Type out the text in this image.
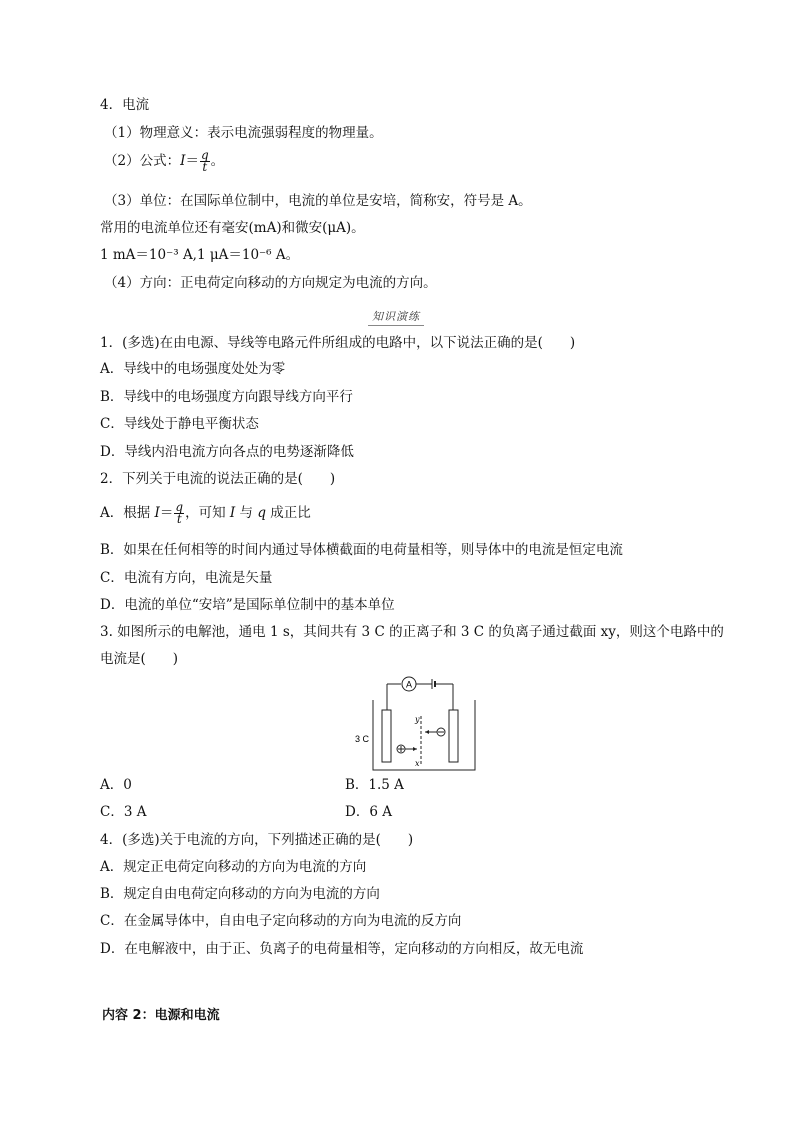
4．电流
（1）物理意义：表示电流强弱程度的物理量。
（2）公式：$I= \frac{q}{t}$ 。
（3）单位：在国际单位制中，电流的单位是安培，简称安，符号是 A。
常用的电流单位还有毫安(mA)和微安(μA)。
1 mA＝10⁻³ A,1 μA＝10⁻⁶ A。
（4）方向：正电荷定向移动的方向规定为电流的方向。
知识演练
1．(多选)在由电源、导线等电路元件所组成的电路中，以下说法正确的是(　　)
A．导线中的电场强度处处为零
B．导线中的电场强度方向跟导线方向平行
C．导线处于静电平衡状态
D．导线内沿电流方向各点的电势逐渐降低
2．下列关于电流的说法正确的是(　　)
A．根据 $I= \frac{q}{t}$ ，可知 I 与 q 成正比
B．如果在任何相等的时间内通过导体横截面的电荷量相等，则导体中的电流是恒定电流
C．电流有方向，电流是矢量
D．电流的单位“安培”是国际单位制中的基本单位
3. 如图所示的电解池，通电 1 s，其间共有 3 C 的正离子和 3 C 的负离子通过截面 xy，则这个电路中的
电流是(　　)
A
y
x
3 C
A．0	B．1.5 A
C．3 A	D．6 A
4．(多选)关于电流的方向，下列描述正确的是(　　)
A．规定正电荷定向移动的方向为电流的方向
B．规定自由电荷定向移动的方向为电流的方向
C．在金属导体中，自由电子定向移动的方向为电流的反方向
D．在电解液中，由于正、负离子的电荷量相等，定向移动的方向相反，故无电流
内容 2：电源和电流
